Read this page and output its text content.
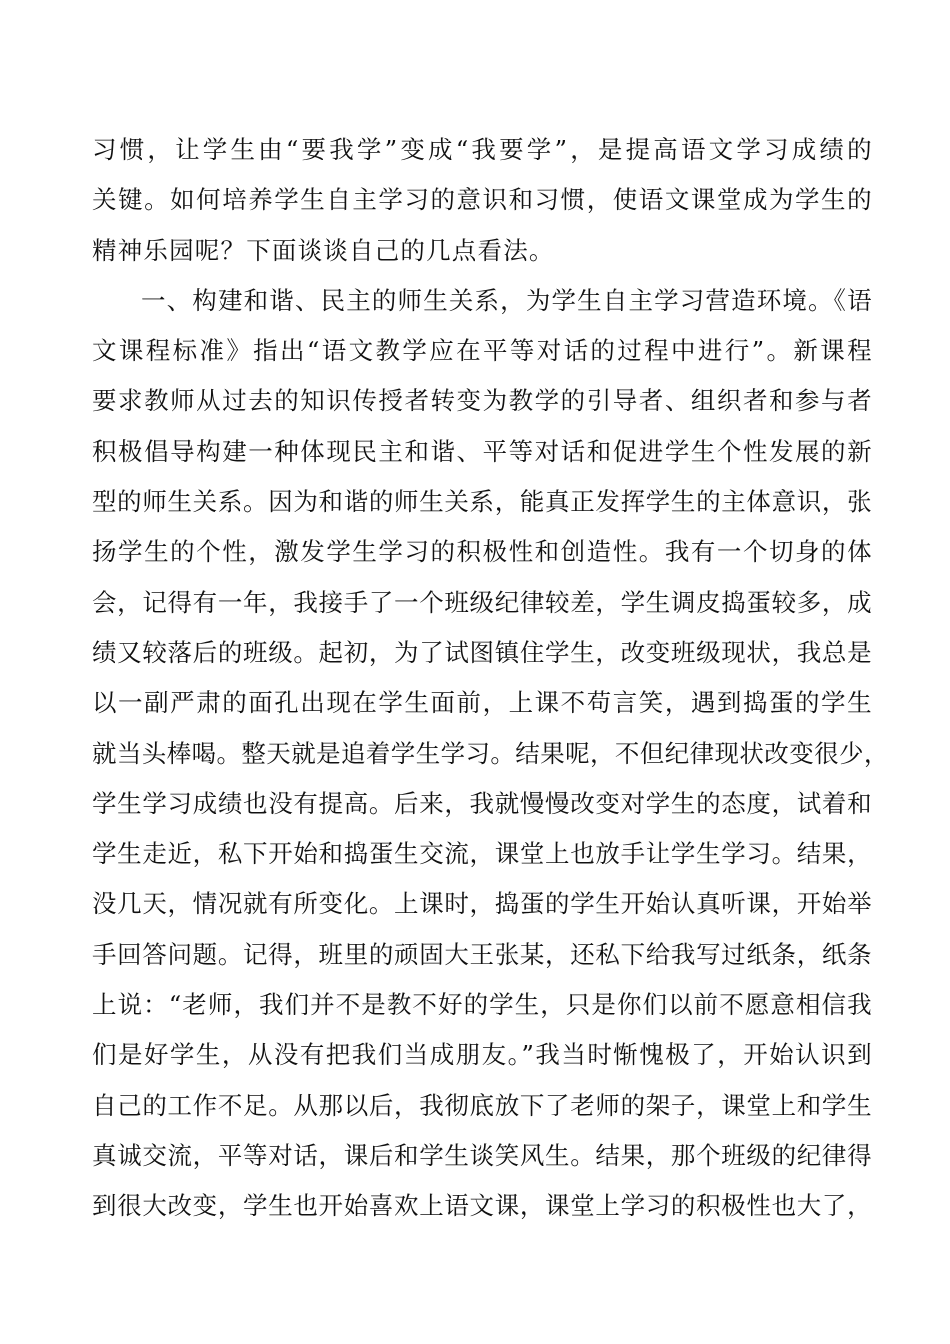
习惯，让学生由“要我学”变成“我要学”，是提高语文学习成绩的
关键。如何培养学生自主学习的意识和习惯，使语文课堂成为学生的
精神乐园呢？下面谈谈自己的几点看法。
一、构建和谐、民主的师生关系，为学生自主学习营造环境。《语
文课程标准》指出“语文教学应在平等对话的过程中进行”。新课程
要求教师从过去的知识传授者转变为教学的引导者、组织者和参与者
积极倡导构建一种体现民主和谐、平等对话和促进学生个性发展的新
型的师生关系。因为和谐的师生关系，能真正发挥学生的主体意识，张
扬学生的个性，激发学生学习的积极性和创造性。我有一个切身的体
会，记得有一年，我接手了一个班级纪律较差，学生调皮捣蛋较多，成
绩又较落后的班级。起初，为了试图镇住学生，改变班级现状，我总是
以一副严肃的面孔出现在学生面前，上课不苟言笑，遇到捣蛋的学生
就当头棒喝。整天就是追着学生学习。结果呢，不但纪律现状改变很少，
学生学习成绩也没有提高。后来，我就慢慢改变对学生的态度，试着和
学生走近，私下开始和捣蛋生交流，课堂上也放手让学生学习。结果，
没几天，情况就有所变化。上课时，捣蛋的学生开始认真听课，开始举
手回答问题。记得，班里的顽固大王张某，还私下给我写过纸条，纸条
上说：“老师，我们并不是教不好的学生，只是你们以前不愿意相信我
们是好学生，从没有把我们当成朋友。”我当时惭愧极了，开始认识到
自己的工作不足。从那以后，我彻底放下了老师的架子，课堂上和学生
真诚交流，平等对话，课后和学生谈笑风生。结果，那个班级的纪律得
到很大改变，学生也开始喜欢上语文课，课堂上学习的积极性也大了，
